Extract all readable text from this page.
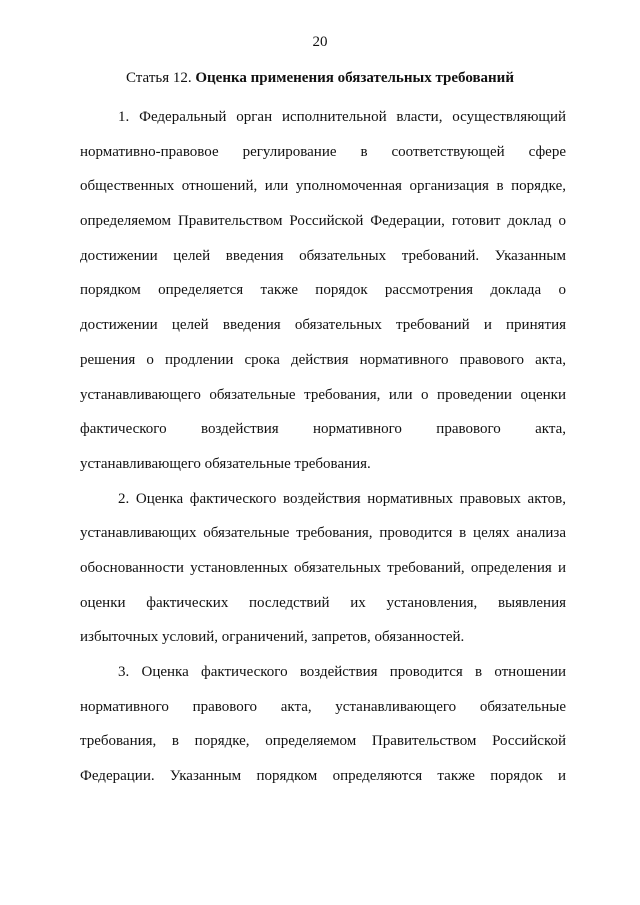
20
Статья 12. Оценка применения обязательных требований
1. Федеральный орган исполнительной власти, осуществляющий
нормативно-правовое регулирование в соответствующей сфере
общественных отношений, или уполномоченная организация в порядке,
определяемом Правительством Российской Федерации, готовит доклад о
достижении целей введения обязательных требований. Указанным
порядком определяется также порядок рассмотрения доклада о
достижении целей введения обязательных требований и принятия
решения о продлении срока действия нормативного правового акта,
устанавливающего обязательные требования, или о проведении оценки
фактического воздействия нормативного правового акта,
устанавливающего обязательные требования.
2. Оценка фактического воздействия нормативных правовых актов,
устанавливающих обязательные требования, проводится в целях анализа
обоснованности установленных обязательных требований, определения и
оценки фактических последствий их установления, выявления
избыточных условий, ограничений, запретов, обязанностей.
3. Оценка фактического воздействия проводится в отношении
нормативного правового акта, устанавливающего обязательные
требования, в порядке, определяемом Правительством Российской
Федерации. Указанным порядком определяются также порядок и
